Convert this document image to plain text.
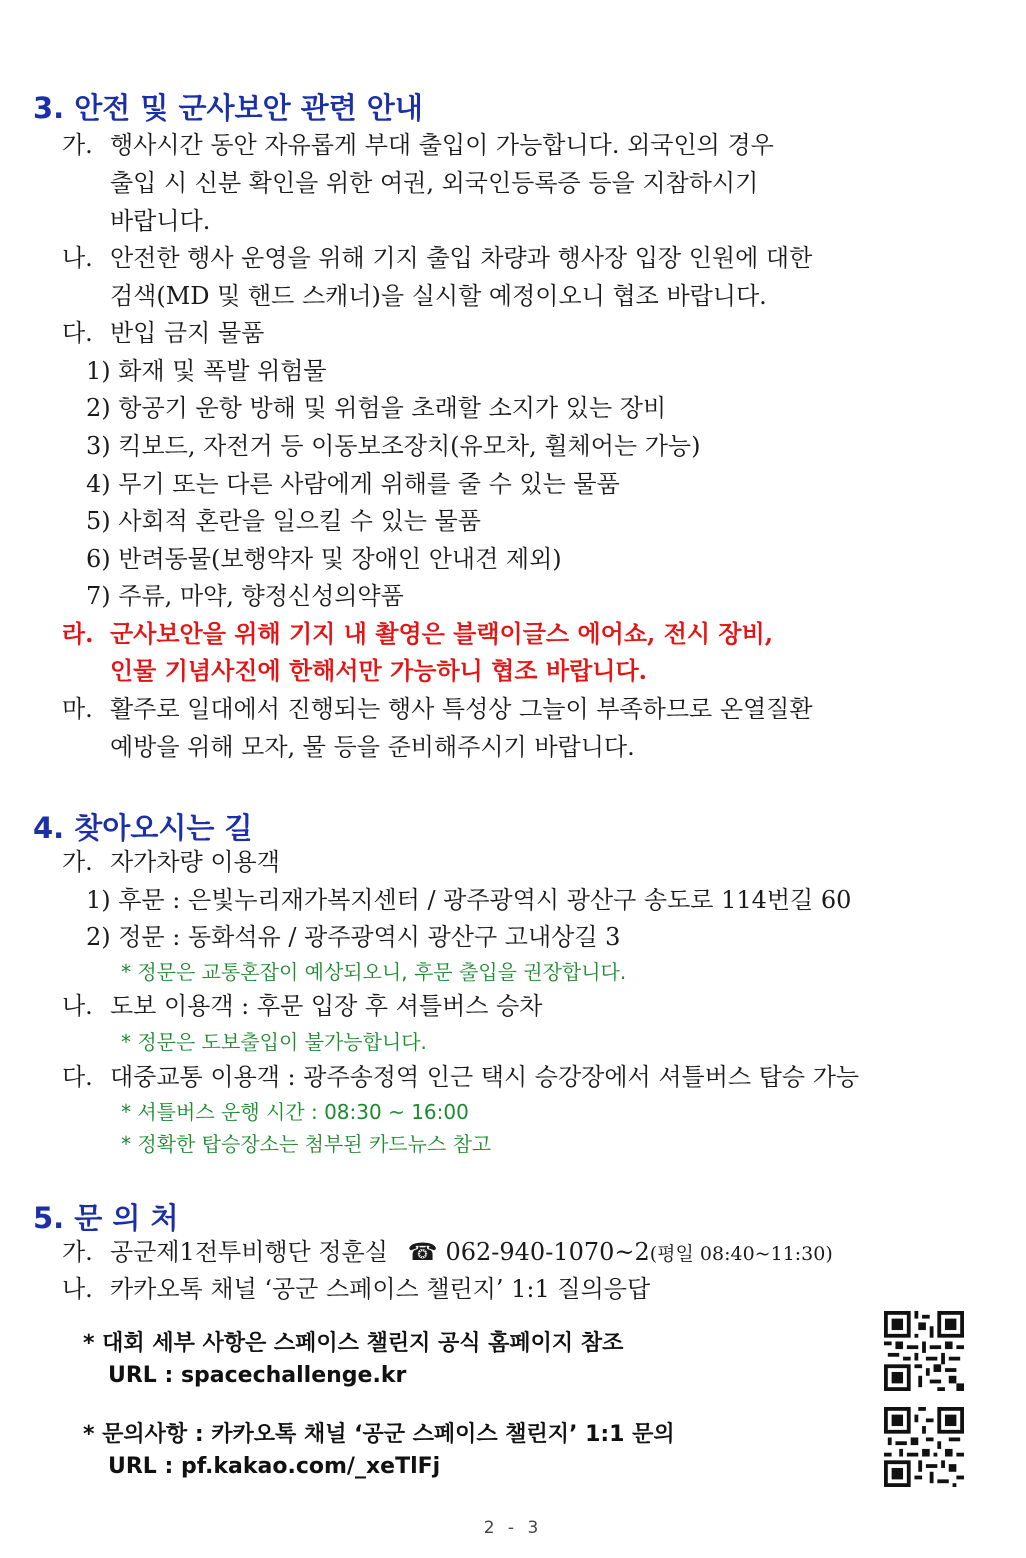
3. 안전 및 군사보안 관련 안내
가. 행사시간 동안 자유롭게 부대 출입이 가능합니다. 외국인의 경우
출입 시 신분 확인을 위한 여권, 외국인등록증 등을 지참하시기
바랍니다.
나. 안전한 행사 운영을 위해 기지 출입 차량과 행사장 입장 인원에 대한
검색(MD 및 핸드 스캐너)을 실시할 예정이오니 협조 바랍니다.
다. 반입 금지 물품
1) 화재 및 폭발 위험물
2) 항공기 운항 방해 및 위험을 초래할 소지가 있는 장비
3) 킥보드, 자전거 등 이동보조장치(유모차, 휠체어는 가능)
4) 무기 또는 다른 사람에게 위해를 줄 수 있는 물품
5) 사회적 혼란을 일으킬 수 있는 물품
6) 반려동물(보행약자 및 장애인 안내견 제외)
7) 주류, 마약, 향정신성의약품
라. 군사보안을 위해 기지 내 촬영은 블랙이글스 에어쇼, 전시 장비,
인물 기념사진에 한해서만 가능하니 협조 바랍니다.
마. 활주로 일대에서 진행되는 행사 특성상 그늘이 부족하므로 온열질환
예방을 위해 모자, 물 등을 준비해주시기 바랍니다.
4. 찾아오시는 길
가. 자가차량 이용객
1) 후문 : 은빛누리재가복지센터 / 광주광역시 광산구 송도로 114번길 60
2) 정문 : 동화석유 / 광주광역시 광산구 고내상길 3
* 정문은 교통혼잡이 예상되오니, 후문 출입을 권장합니다.
나. 도보 이용객 : 후문 입장 후 셔틀버스 승차
* 정문은 도보출입이 불가능합니다.
다. 대중교통 이용객 : 광주송정역 인근 택시 승강장에서 셔틀버스 탑승 가능
* 셔틀버스 운행 시간 : 08:30 ~ 16:00
* 정확한 탑승장소는 첨부된 카드뉴스 참고
5. 문 의 처
가. 공군제1전투비행단 정훈실 ☎ 062-940-1070~2(평일 08:40~11:30)
나. 카카오톡 채널 ‘공군 스페이스 챌린지’ 1:1 질의응답
* 대회 세부 사항은 스페이스 챌린지 공식 홈페이지 참조
URL : spacechallenge.kr
* 문의사항 : 카카오톡 채널 ‘공군 스페이스 챌린지’ 1:1 문의
URL : pf.kakao.com/_xeTlFj
2 - 3
